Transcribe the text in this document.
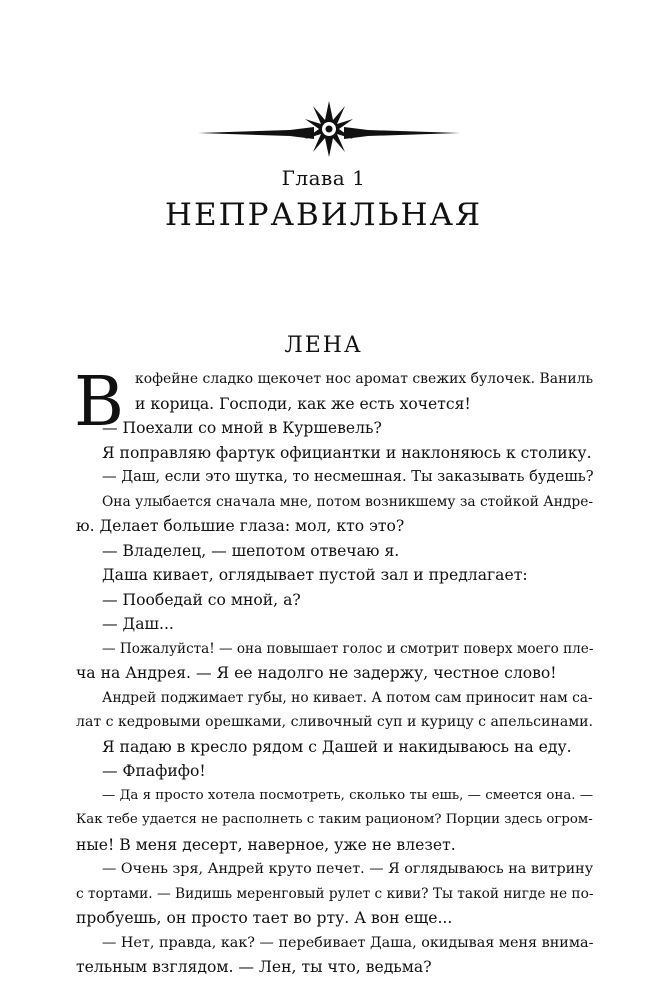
Глава 1
НЕПРАВИЛЬНАЯ
ЛЕНА
В кофейне сладко щекочет нос аромат свежих булочек. Ваниль
и корица. Господи, как же есть хочется!
— Поехали со мной в Куршевель?
Я поправляю фартук официантки и наклоняюсь к столику.
— Даш, если это шутка, то несмешная. Ты заказывать будешь?
Она улыбается сначала мне, потом возникшему за стойкой Андре-
ю. Делает большие глаза: мол, кто это?
— Владелец, — шепотом отвечаю я.
Даша кивает, оглядывает пустой зал и предлагает:
— Пообедай со мной, а?
— Даш...
— Пожалуйста! — она повышает голос и смотрит поверх моего пле-
ча на Андрея. — Я ее надолго не задержу, честное слово!
Андрей поджимает губы, но кивает. А потом сам приносит нам са-
лат с кедровыми орешками, сливочный суп и курицу с апельсинами.
Я падаю в кресло рядом с Дашей и накидываюсь на еду.
— Фпафифо!
— Да я просто хотела посмотреть, сколько ты ешь, — смеется она. —
Как тебе удается не располнеть с таким рационом? Порции здесь огром-
ные! В меня десерт, наверное, уже не влезет.
— Очень зря, Андрей круто печет. — Я оглядываюсь на витрину
с тортами. — Видишь меренговый рулет с киви? Ты такой нигде не по-
пробуешь, он просто тает во рту. А вон еще...
— Нет, правда, как? — перебивает Даша, окидывая меня внима-
тельным взглядом. — Лен, ты что, ведьма?
